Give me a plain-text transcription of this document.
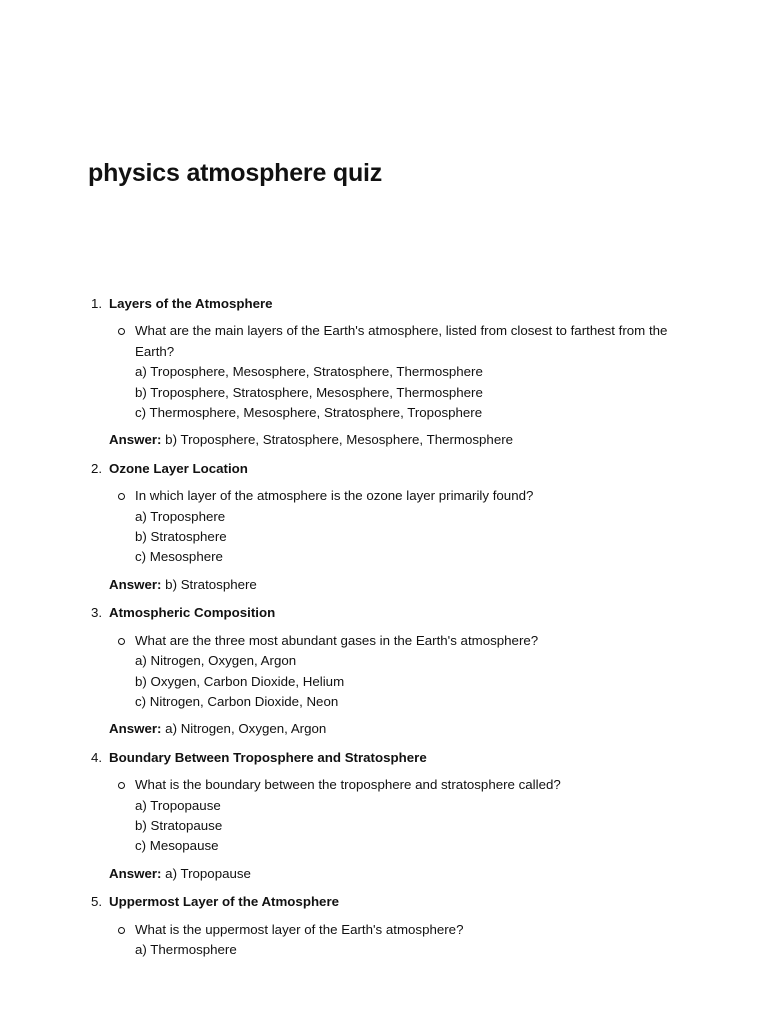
physics atmosphere quiz
1. Layers of the Atmosphere
What are the main layers of the Earth's atmosphere, listed from closest to farthest from the Earth?
a) Troposphere, Mesosphere, Stratosphere, Thermosphere
b) Troposphere, Stratosphere, Mesosphere, Thermosphere
c) Thermosphere, Mesosphere, Stratosphere, Troposphere
Answer: b) Troposphere, Stratosphere, Mesosphere, Thermosphere
2. Ozone Layer Location
In which layer of the atmosphere is the ozone layer primarily found?
a) Troposphere
b) Stratosphere
c) Mesosphere
Answer: b) Stratosphere
3. Atmospheric Composition
What are the three most abundant gases in the Earth's atmosphere?
a) Nitrogen, Oxygen, Argon
b) Oxygen, Carbon Dioxide, Helium
c) Nitrogen, Carbon Dioxide, Neon
Answer: a) Nitrogen, Oxygen, Argon
4. Boundary Between Troposphere and Stratosphere
What is the boundary between the troposphere and stratosphere called?
a) Tropopause
b) Stratopause
c) Mesopause
Answer: a) Tropopause
5. Uppermost Layer of the Atmosphere
What is the uppermost layer of the Earth's atmosphere?
a) Thermosphere
